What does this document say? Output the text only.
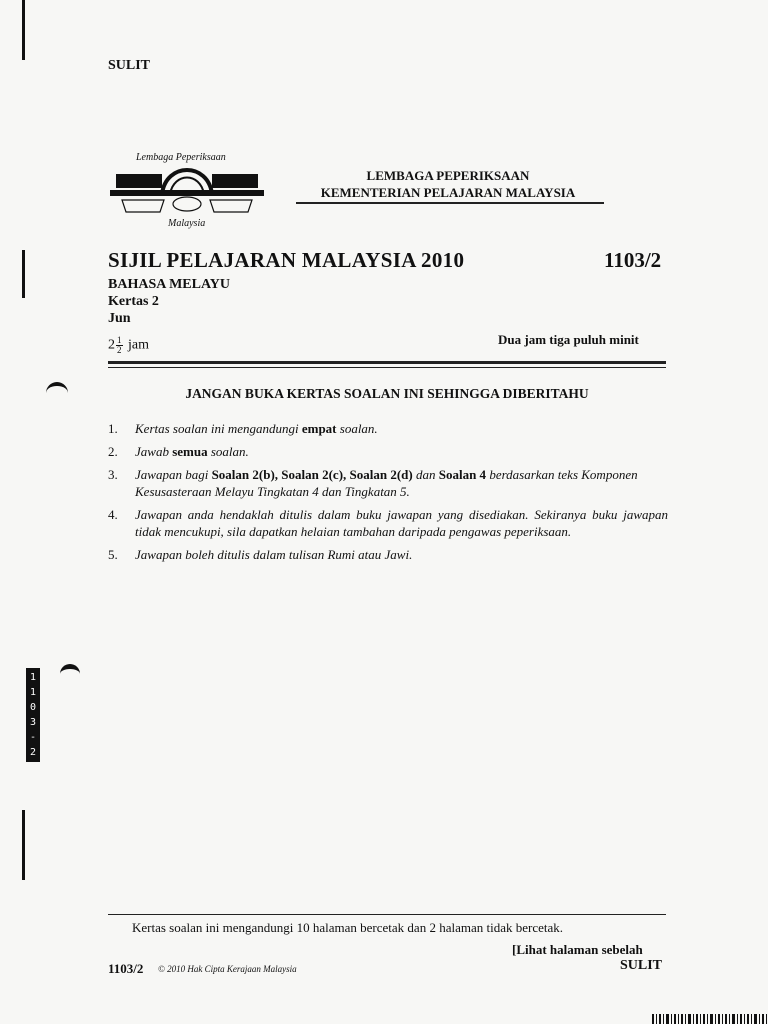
1
1
0
3
-
2
SULIT
Lembaga Peperiksaan
Malaysia
LEMBAGA PEPERIKSAAN
KEMENTERIAN PELAJARAN MALAYSIA
SIJIL PELAJARAN MALAYSIA 2010	1103/2
BAHASA MELAYU
Kertas 2
Jun
$2 \frac{1}{2}$ jam	Dua jam tiga puluh minit
JANGAN BUKA KERTAS SOALAN INI SEHINGGA DIBERITAHU
1. Kertas soalan ini mengandungi empat soalan.
2. Jawab semua soalan.
3. Jawapan bagi Soalan 2(b), Soalan 2(c), Soalan 2(d) dan Soalan 4 berdasarkan teks Komponen Kesusasteraan Melayu Tingkatan 4 dan Tingkatan 5.
4. Jawapan anda hendaklah ditulis dalam buku jawapan yang disediakan. Sekiranya buku jawapan tidak mencukupi, sila dapatkan helaian tambahan daripada pengawas peperiksaan.
5. Jawapan boleh ditulis dalam tulisan Rumi atau Jawi.
Kertas soalan ini mengandungi 10 halaman bercetak dan 2 halaman tidak bercetak.
[Lihat halaman sebelah
1103/2 © 2010 Hak Cipta Kerajaan Malaysia	SULIT
